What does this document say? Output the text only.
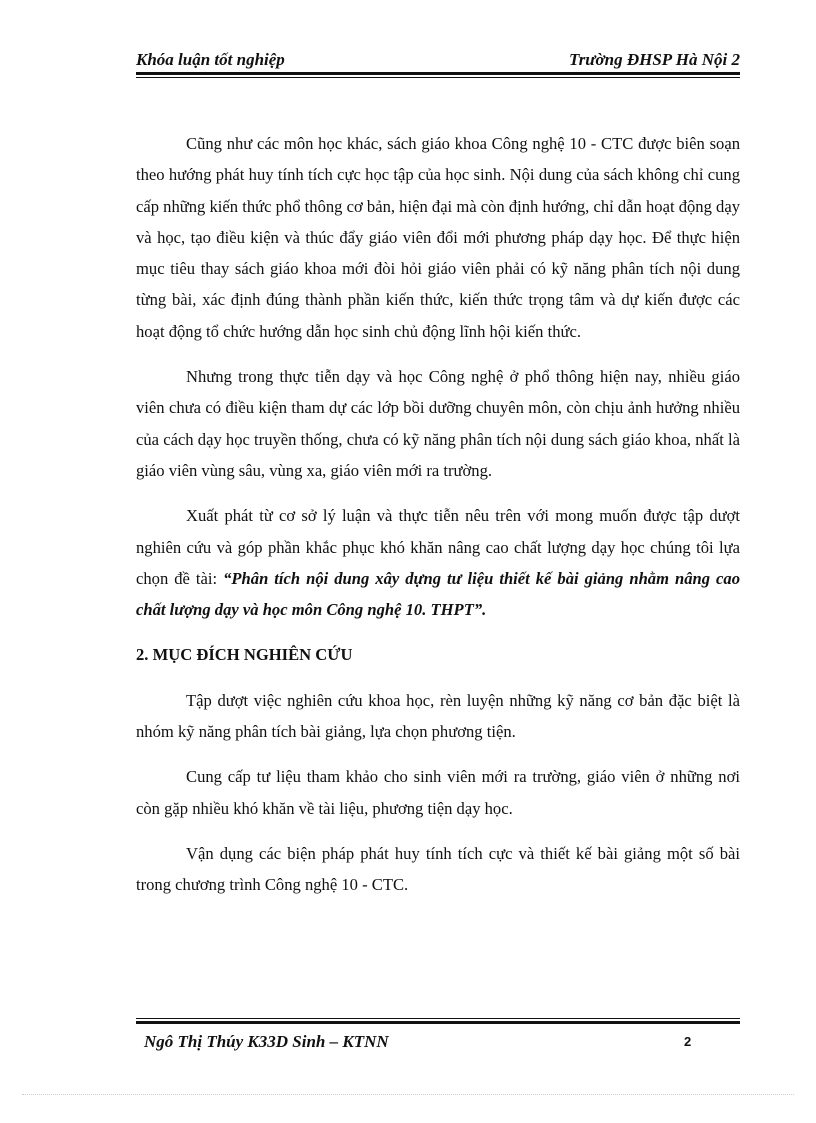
Khóa luận tốt nghiệp	Trường ĐHSP Hà Nội 2

Cũng như các môn học khác, sách giáo khoa Công nghệ 10 - CTC được biên soạn theo hướng phát huy tính tích cực học tập của học sinh. Nội dung của sách không chỉ cung cấp những kiến thức phổ thông cơ bản, hiện đại mà còn định hướng, chỉ dẫn hoạt động dạy và học, tạo điều kiện và thúc đẩy giáo viên đổi mới phương pháp dạy học. Để thực hiện mục tiêu thay sách giáo khoa mới đòi hỏi giáo viên phải có kỹ năng phân tích nội dung từng bài, xác định đúng thành phần kiến thức, kiến thức trọng tâm và dự kiến được các hoạt động tổ chức hướng dẫn học sinh chủ động lĩnh hội kiến thức.

Nhưng trong thực tiễn dạy và học Công nghệ ở phổ thông hiện nay, nhiều giáo viên chưa có điều kiện tham dự các lớp bồi dưỡng chuyên môn, còn chịu ảnh hưởng nhiều của cách dạy học truyền thống, chưa có kỹ năng phân tích nội dung sách giáo khoa, nhất là giáo viên vùng sâu, vùng xa, giáo viên mới ra trường.

Xuất phát từ cơ sở lý luận và thực tiễn nêu trên với mong muốn được tập dượt nghiên cứu và góp phần khắc phục khó khăn nâng cao chất lượng dạy học chúng tôi lựa chọn đề tài: “Phân tích nội dung xây dựng tư liệu thiết kế bài giảng nhằm nâng cao chất lượng dạy và học môn Công nghệ 10. THPT”.

2. MỤC ĐÍCH NGHIÊN CỨU

Tập dượt việc nghiên cứu khoa học, rèn luyện những kỹ năng cơ bản đặc biệt là nhóm kỹ năng phân tích bài giảng, lựa chọn phương tiện.

Cung cấp tư liệu tham khảo cho sinh viên mới ra trường, giáo viên ở những nơi còn gặp nhiều khó khăn về tài liệu, phương tiện dạy học.

Vận dụng các biện pháp phát huy tính tích cực và thiết kế bài giảng một số bài trong chương trình Công nghệ 10 - CTC.

Ngô Thị Thúy K33D Sinh – KTNN	2
